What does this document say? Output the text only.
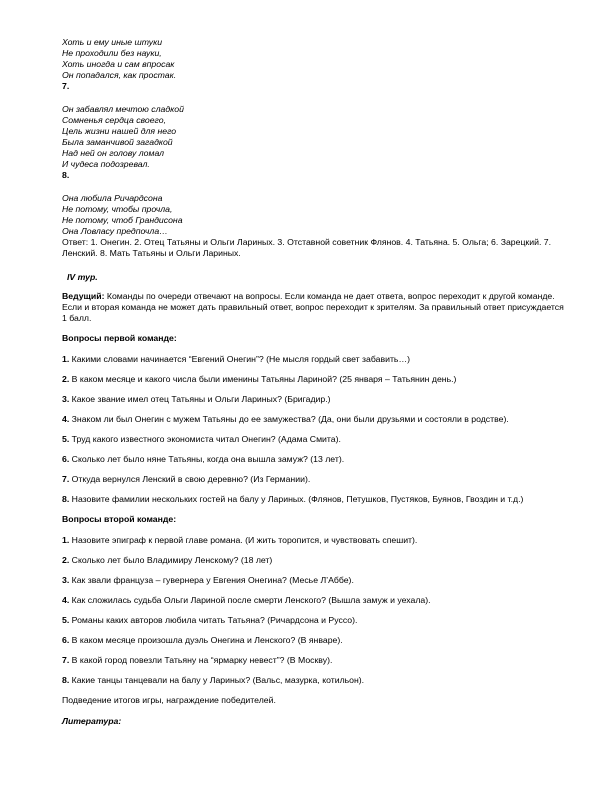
Хоть и ему иные штуки

Не проходили без науки,

Хоть иногда и сам впросак

Он попадался, как простак.

7.

Он забавлял мечтою сладкой

Сомненья сердца своего,

Цель жизни нашей для него

Была заманчивой загадкой

Над ней он голову ломал

И чудеса подозревал.

8.

Она любила Ричардсона

Не потому, чтобы прочла,

Не потому, чтоб Грандисона

Она Ловласу предпочла…

Ответ: 1. Онегин. 2. Отец Татьяны и Ольги Лариных. 3. Отставной советник Флянов. 4. Татьяна. 5. Ольга; 6. Зарецкий. 7. Ленский. 8. Мать Татьяны и Ольги Лариных.

IV тур.

Ведущий: Команды по очереди отвечают на вопросы. Если команда не дает ответа, вопрос переходит к другой команде. Если и вторая команда не может дать правильный ответ, вопрос переходит к зрителям. За правильный ответ присуждается 1 балл.

Вопросы первой команде:

1. Какими словами начинается “Евгений Онегин”? (Не мысля гордый свет забавить…)

2. В каком месяце и какого числа были именины Татьяны Лариной? (25 января – Татьянин день.)

3. Какое звание имел отец Татьяны и Ольги Лариных? (Бригадир.)

4. Знаком ли был Онегин с мужем Татьяны до ее замужества? (Да, они были друзьями и состояли в родстве).

5. Труд какого известного экономиста читал Онегин? (Адама Смита).

6. Сколько лет было няне Татьяны, когда она вышла замуж? (13 лет).

7. Откуда вернулся Ленский в свою деревню? (Из Германии).

8. Назовите фамилии нескольких гостей на балу у Лариных. (Флянов, Петушков, Пустяков, Буянов, Гвоздин и т.д.)

Вопросы второй команде:

1. Назовите эпиграф к первой главе романа. (И жить торопится, и чувствовать спешит).

2. Сколько лет было Владимиру Ленскому? (18 лет)

3. Как звали француза – гувернера у Евгения Онегина? (Месье Л’Аббе).

4. Как сложилась судьба Ольги Лариной после смерти Ленского? (Вышла замуж и уехала).

5. Романы каких авторов любила читать Татьяна? (Ричардсона и Руссо).

6. В каком месяце произошла дуэль Онегина и Ленского? (В январе).

7. В какой город повезли Татьяну на “ярмарку невест”? (В Москву).

8. Какие танцы танцевали на балу у Лариных? (Вальс, мазурка, котильон).

Подведение итогов игры, награждение победителей.

Литература:
